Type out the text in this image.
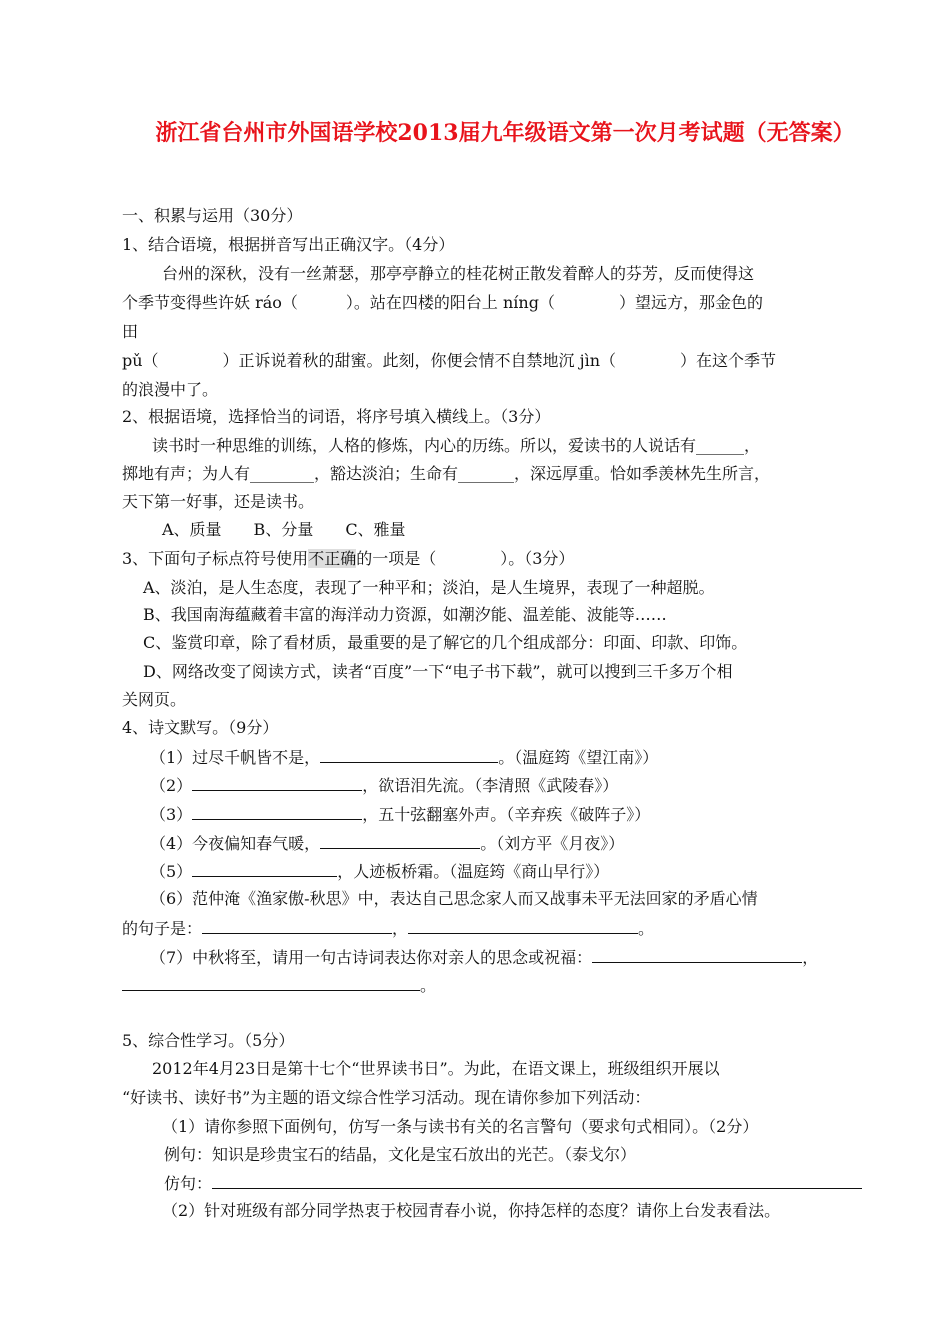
浙江省台州市外国语学校2013届九年级语文第一次月考试题（无答案）
一、积累与运用（30分）
1、结合语境，根据拼音写出正确汉字。（4分）
台州的深秋，没有一丝萧瑟，那亭亭静立的桂花树正散发着醉人的芬芳，反而使得这
个季节变得些许妖 ráo（　　　）。站在四楼的阳台上 níng（　　　　）望远方，那金色的
田
pǔ（　　　　）正诉说着秋的甜蜜。此刻，你便会情不自禁地沉 jìn（　　　　）在这个季节
的浪漫中了。
2、根据语境，选择恰当的词语，将序号填入横线上。（3分）
读书时一种思维的训练，人格的修炼，内心的历练。所以，爱读书的人说话有______，
掷地有声；为人有________，豁达淡泊；生命有_______，深远厚重。恰如季羡林先生所言，
天下第一好事，还是读书。
A、质量　　B、分量　　C、雅量
3、下面句子标点符号使用不正确的一项是（　　　　）。（3分）
A、淡泊，是人生态度，表现了一种平和；淡泊，是人生境界，表现了一种超脱。
B、我国南海蕴藏着丰富的海洋动力资源，如潮汐能、温差能、波能等……
C、鉴赏印章，除了看材质，最重要的是了解它的几个组成部分：印面、印款、印饰。
D、网络改变了阅读方式，读者“百度”一下“电子书下载”，就可以搜到三千多万个相
关网页。
4、诗文默写。（9分）
（1）过尽千帆皆不是，	。（温庭筠《望江南》）
（2）	，欲语泪先流。（李清照《武陵春》）
（3）	，五十弦翻塞外声。（辛弃疾《破阵子》）
（4）今夜偏知春气暖，	。（刘方平《月夜》）
（5）	，人迹板桥霜。（温庭筠《商山早行》）
（6）范仲淹《渔家傲-秋思》中，表达自己思念家人而又战事未平无法回家的矛盾心情
的句子是：	，	。
（7）中秋将至，请用一句古诗词表达你对亲人的思念或祝福：	，
。
5、综合性学习。（5分）
2012年4月23日是第十七个“世界读书日”。为此，在语文课上，班级组织开展以
“好读书、读好书”为主题的语文综合性学习活动。现在请你参加下列活动：
（1）请你参照下面例句，仿写一条与读书有关的名言警句（要求句式相同）。（2分）
例句：知识是珍贵宝石的结晶，文化是宝石放出的光芒。（泰戈尔）
仿句：
（2）针对班级有部分同学热衷于校园青春小说，你持怎样的态度？请你上台发表看法。
